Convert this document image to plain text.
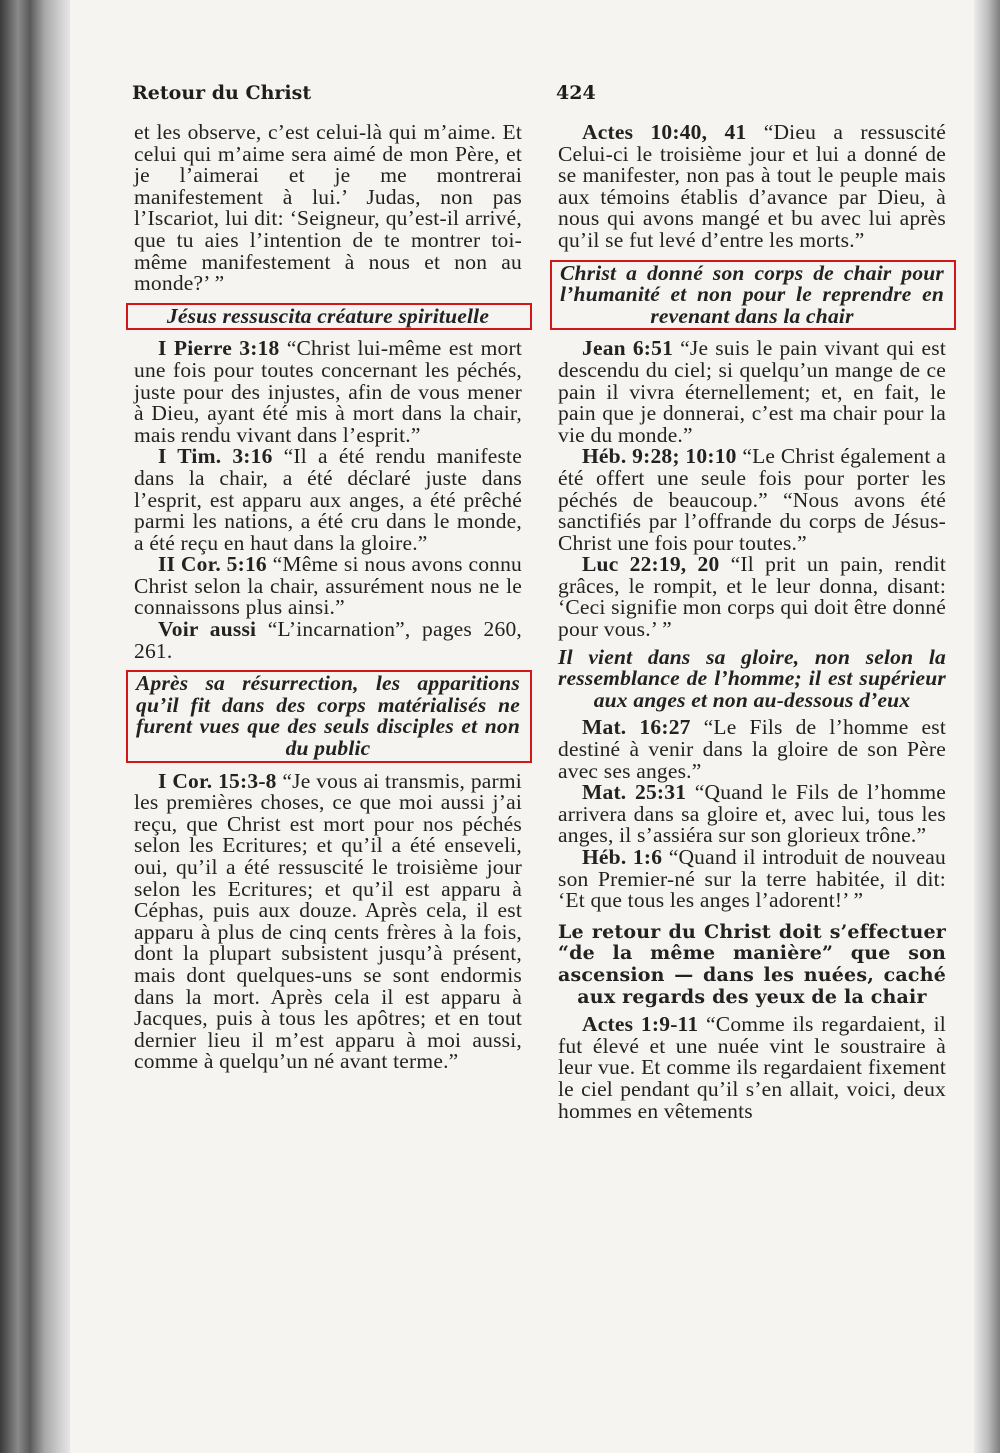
Retour du Christ	424

et les observe, c’est celui-là qui m’aime. Et celui qui m’aime sera aimé de mon Père, et je l’aimerai et je me montrerai manifestement à lui.’ Judas, non pas l’Iscariot, lui dit: ‘Seigneur, qu’est-il arrivé, que tu aies l’intention de te montrer toi-même manifestement à nous et non au monde?’ ”

Jésus ressuscita créature spirituelle

I Pierre 3:18 “Christ lui-même est mort une fois pour toutes concernant les péchés, juste pour des injustes, afin de vous mener à Dieu, ayant été mis à mort dans la chair, mais rendu vivant dans l’esprit.”

I Tim. 3:16 “Il a été rendu manifeste dans la chair, a été déclaré juste dans l’esprit, est apparu aux anges, a été prêché parmi les nations, a été cru dans le monde, a été reçu en haut dans la gloire.”

II Cor. 5:16 “Même si nous avons connu Christ selon la chair, assurément nous ne le connaissons plus ainsi.”

Voir aussi “L’incarnation”, pages 260, 261.

Après sa résurrection, les apparitions qu’il fit dans des corps matérialisés ne furent vues que des seuls disciples et non du public

I Cor. 15:3-8 “Je vous ai transmis, parmi les premières choses, ce que moi aussi j’ai reçu, que Christ est mort pour nos péchés selon les Ecritures; et qu’il a été enseveli, oui, qu’il a été ressuscité le troisième jour selon les Ecritures; et qu’il est apparu à Céphas, puis aux douze. Après cela, il est apparu à plus de cinq cents frères à la fois, dont la plupart subsistent jusqu’à présent, mais dont quelques-uns se sont endormis dans la mort. Après cela il est apparu à Jacques, puis à tous les apôtres; et en tout dernier lieu il m’est apparu à moi aussi, comme à quelqu’un né avant terme.”

Actes 10:40, 41 “Dieu a ressuscité Celui-ci le troisième jour et lui a donné de se manifester, non pas à tout le peuple mais aux témoins établis d’avance par Dieu, à nous qui avons mangé et bu avec lui après qu’il se fut levé d’entre les morts.”

Christ a donné son corps de chair pour l’humanité et non pour le reprendre en revenant dans la chair

Jean 6:51 “Je suis le pain vivant qui est descendu du ciel; si quelqu’un mange de ce pain il vivra éternellement; et, en fait, le pain que je donnerai, c’est ma chair pour la vie du monde.”

Héb. 9:28; 10:10 “Le Christ également a été offert une seule fois pour porter les péchés de beaucoup.” “Nous avons été sanctifiés par l’offrande du corps de Jésus-Christ une fois pour toutes.”

Luc 22:19, 20 “Il prit un pain, rendit grâces, le rompit, et le leur donna, disant: ‘Ceci signifie mon corps qui doit être donné pour vous.’ ”

Il vient dans sa gloire, non selon la ressemblance de l’homme; il est supérieur aux anges et non au-dessous d’eux

Mat. 16:27 “Le Fils de l’homme est destiné à venir dans la gloire de son Père avec ses anges.”

Mat. 25:31 “Quand le Fils de l’homme arrivera dans sa gloire et, avec lui, tous les anges, il s’assiéra sur son glorieux trône.”

Héb. 1:6 “Quand il introduit de nouveau son Premier-né sur la terre habitée, il dit: ‘Et que tous les anges l’adorent!’ ”

Le retour du Christ doit s’effectuer “de la même manière” que son ascension — dans les nuées, caché aux regards des yeux de la chair

Actes 1:9-11 “Comme ils regardaient, il fut élevé et une nuée vint le soustraire à leur vue. Et comme ils regardaient fixement le ciel pendant qu’il s’en allait, voici, deux hommes en vêtements
